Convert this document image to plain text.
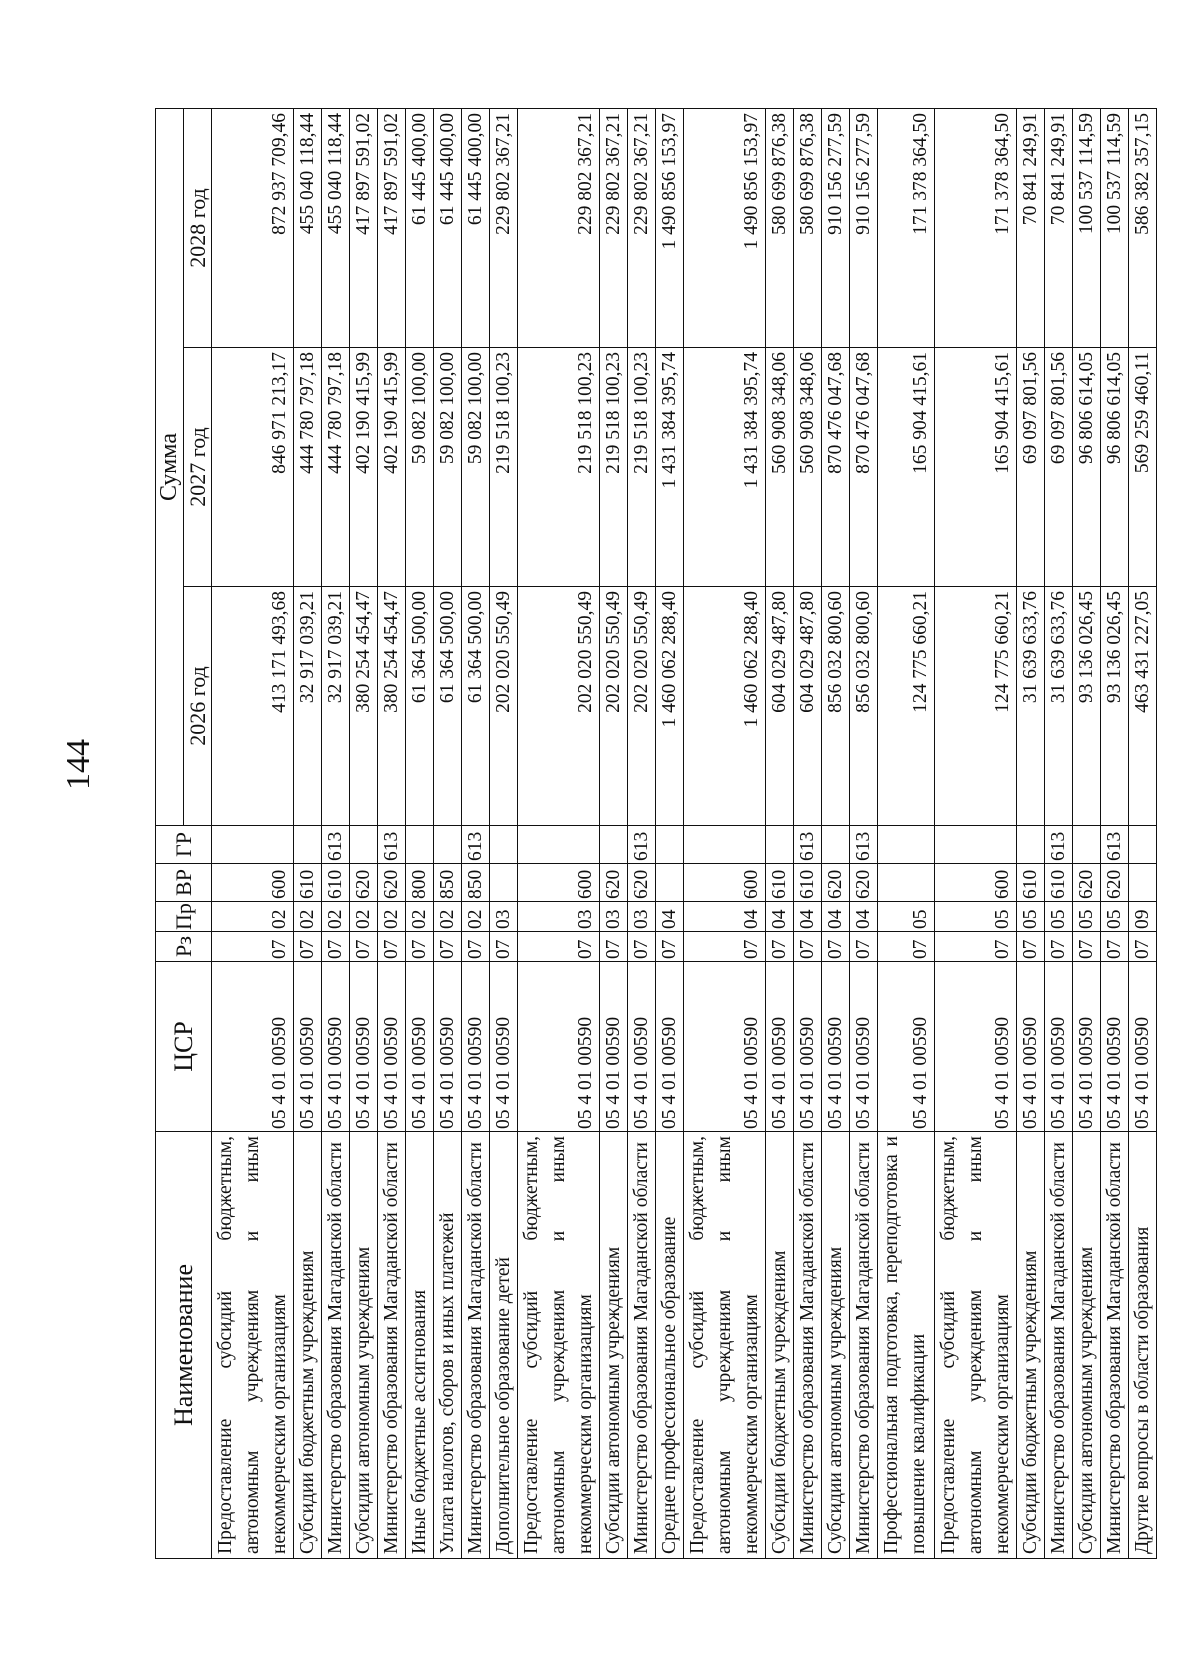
144
Наименование	ЦСР	Рз	Пр	ВР	ГР	Сумма		
						2026 год	2027 год	2028 год
Предоставление субсидий бюджетным, автономным учреждениям и иным некоммерческим организациям	05 4 01 00590	07	02	600		413 171 493,68	846 971 213,17	872 937 709,46
Субсидии бюджетным учреждениям	05 4 01 00590	07	02	610		32 917 039,21	444 780 797,18	455 040 118,44
Министерство образования Магаданской области	05 4 01 00590	07	02	610	613	32 917 039,21	444 780 797,18	455 040 118,44
Субсидии автономным учреждениям	05 4 01 00590	07	02	620		380 254 454,47	402 190 415,99	417 897 591,02
Министерство образования Магаданской области	05 4 01 00590	07	02	620	613	380 254 454,47	402 190 415,99	417 897 591,02
Иные бюджетные ассигнования	05 4 01 00590	07	02	800		61 364 500,00	59 082 100,00	61 445 400,00
Уплата налогов, сборов и иных платежей	05 4 01 00590	07	02	850		61 364 500,00	59 082 100,00	61 445 400,00
Министерство образования Магаданской области	05 4 01 00590	07	02	850	613	61 364 500,00	59 082 100,00	61 445 400,00
Дополнительное образование детей	05 4 01 00590	07	03			202 020 550,49	219 518 100,23	229 802 367,21
Предоставление субсидий бюджетным, автономным учреждениям и иным некоммерческим организациям	05 4 01 00590	07	03	600		202 020 550,49	219 518 100,23	229 802 367,21
Субсидии автономным учреждениям	05 4 01 00590	07	03	620		202 020 550,49	219 518 100,23	229 802 367,21
Министерство образования Магаданской области	05 4 01 00590	07	03	620	613	202 020 550,49	219 518 100,23	229 802 367,21
Среднее профессиональное образование	05 4 01 00590	07	04			1 460 062 288,40	1 431 384 395,74	1 490 856 153,97
Предоставление субсидий бюджетным, автономным учреждениям и иным некоммерческим организациям	05 4 01 00590	07	04	600		1 460 062 288,40	1 431 384 395,74	1 490 856 153,97
Субсидии бюджетным учреждениям	05 4 01 00590	07	04	610		604 029 487,80	560 908 348,06	580 699 876,38
Министерство образования Магаданской области	05 4 01 00590	07	04	610	613	604 029 487,80	560 908 348,06	580 699 876,38
Субсидии автономным учреждениям	05 4 01 00590	07	04	620		856 032 800,60	870 476 047,68	910 156 277,59
Министерство образования Магаданской области	05 4 01 00590	07	04	620	613	856 032 800,60	870 476 047,68	910 156 277,59
Профессиональная подготовка, переподготовка и повышение квалификации	05 4 01 00590	07	05			124 775 660,21	165 904 415,61	171 378 364,50
Предоставление субсидий бюджетным, автономным учреждениям и иным некоммерческим организациям	05 4 01 00590	07	05	600		124 775 660,21	165 904 415,61	171 378 364,50
Субсидии бюджетным учреждениям	05 4 01 00590	07	05	610		31 639 633,76	69 097 801,56	70 841 249,91
Министерство образования Магаданской области	05 4 01 00590	07	05	610	613	31 639 633,76	69 097 801,56	70 841 249,91
Субсидии автономным учреждениям	05 4 01 00590	07	05	620		93 136 026,45	96 806 614,05	100 537 114,59
Министерство образования Магаданской области	05 4 01 00590	07	05	620	613	93 136 026,45	96 806 614,05	100 537 114,59
Другие вопросы в области образования	05 4 01 00590	07	09			463 431 227,05	569 259 460,11	586 382 357,15
